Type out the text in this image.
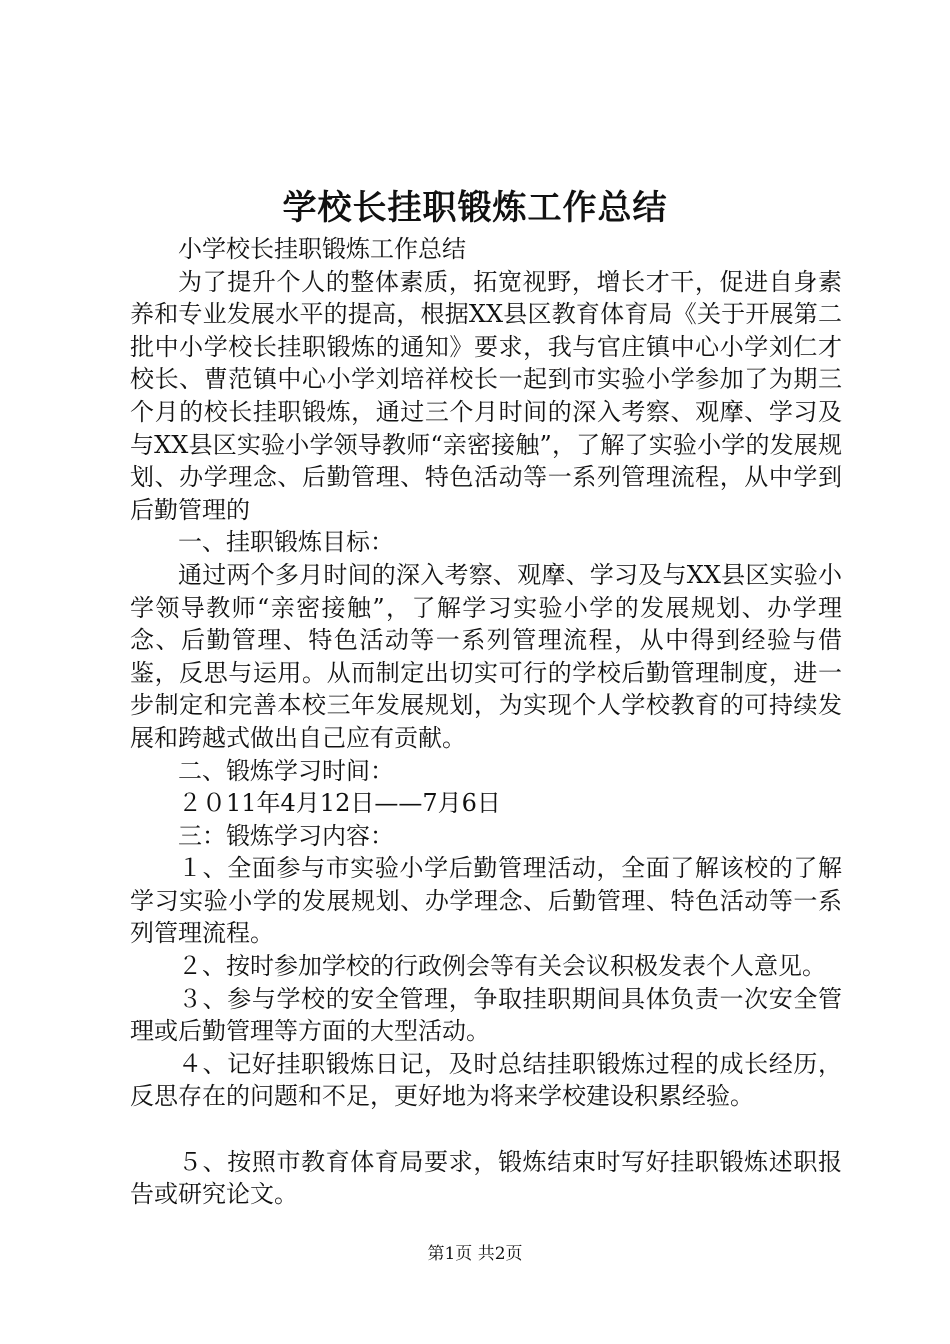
学校长挂职锻炼工作总结

小学校长挂职锻炼工作总结

为了提升个人的整体素质，拓宽视野，增长才干，促进自身素养和专业发展水平的提高，根据XX县区教育体育局《关于开展第二批中小学校长挂职锻炼的通知》要求，我与官庄镇中心小学刘仁才校长、曹范镇中心小学刘培祥校长一起到市实验小学参加了为期三个月的校长挂职锻炼，通过三个月时间的深入考察、观摩、学习及与XX县区实验小学领导教师“亲密接触”，了解了实验小学的发展规划、办学理念、后勤管理、特色活动等一系列管理流程，从中学到后勤管理的

一、挂职锻炼目标：

通过两个多月时间的深入考察、观摩、学习及与XX县区实验小学领导教师“亲密接触”，了解学习实验小学的发展规划、办学理念、后勤管理、特色活动等一系列管理流程，从中得到经验与借鉴，反思与运用。从而制定出切实可行的学校后勤管理制度，进一步制定和完善本校三年发展规划，为实现个人学校教育的可持续发展和跨越式做出自己应有贡献。

二、锻炼学习时间：

２０11年4月12日——7月6日

三：锻炼学习内容：

１、全面参与市实验小学后勤管理活动，全面了解该校的了解学习实验小学的发展规划、办学理念、后勤管理、特色活动等一系列管理流程。

２、按时参加学校的行政例会等有关会议积极发表个人意见。

３、参与学校的安全管理，争取挂职期间具体负责一次安全管理或后勤管理等方面的大型活动。

４、记好挂职锻炼日记，及时总结挂职锻炼过程的成长经历，反思存在的问题和不足，更好地为将来学校建设积累经验。

５、按照市教育体育局要求，锻炼结束时写好挂职锻炼述职报告或研究论文。

第1页 共2页
